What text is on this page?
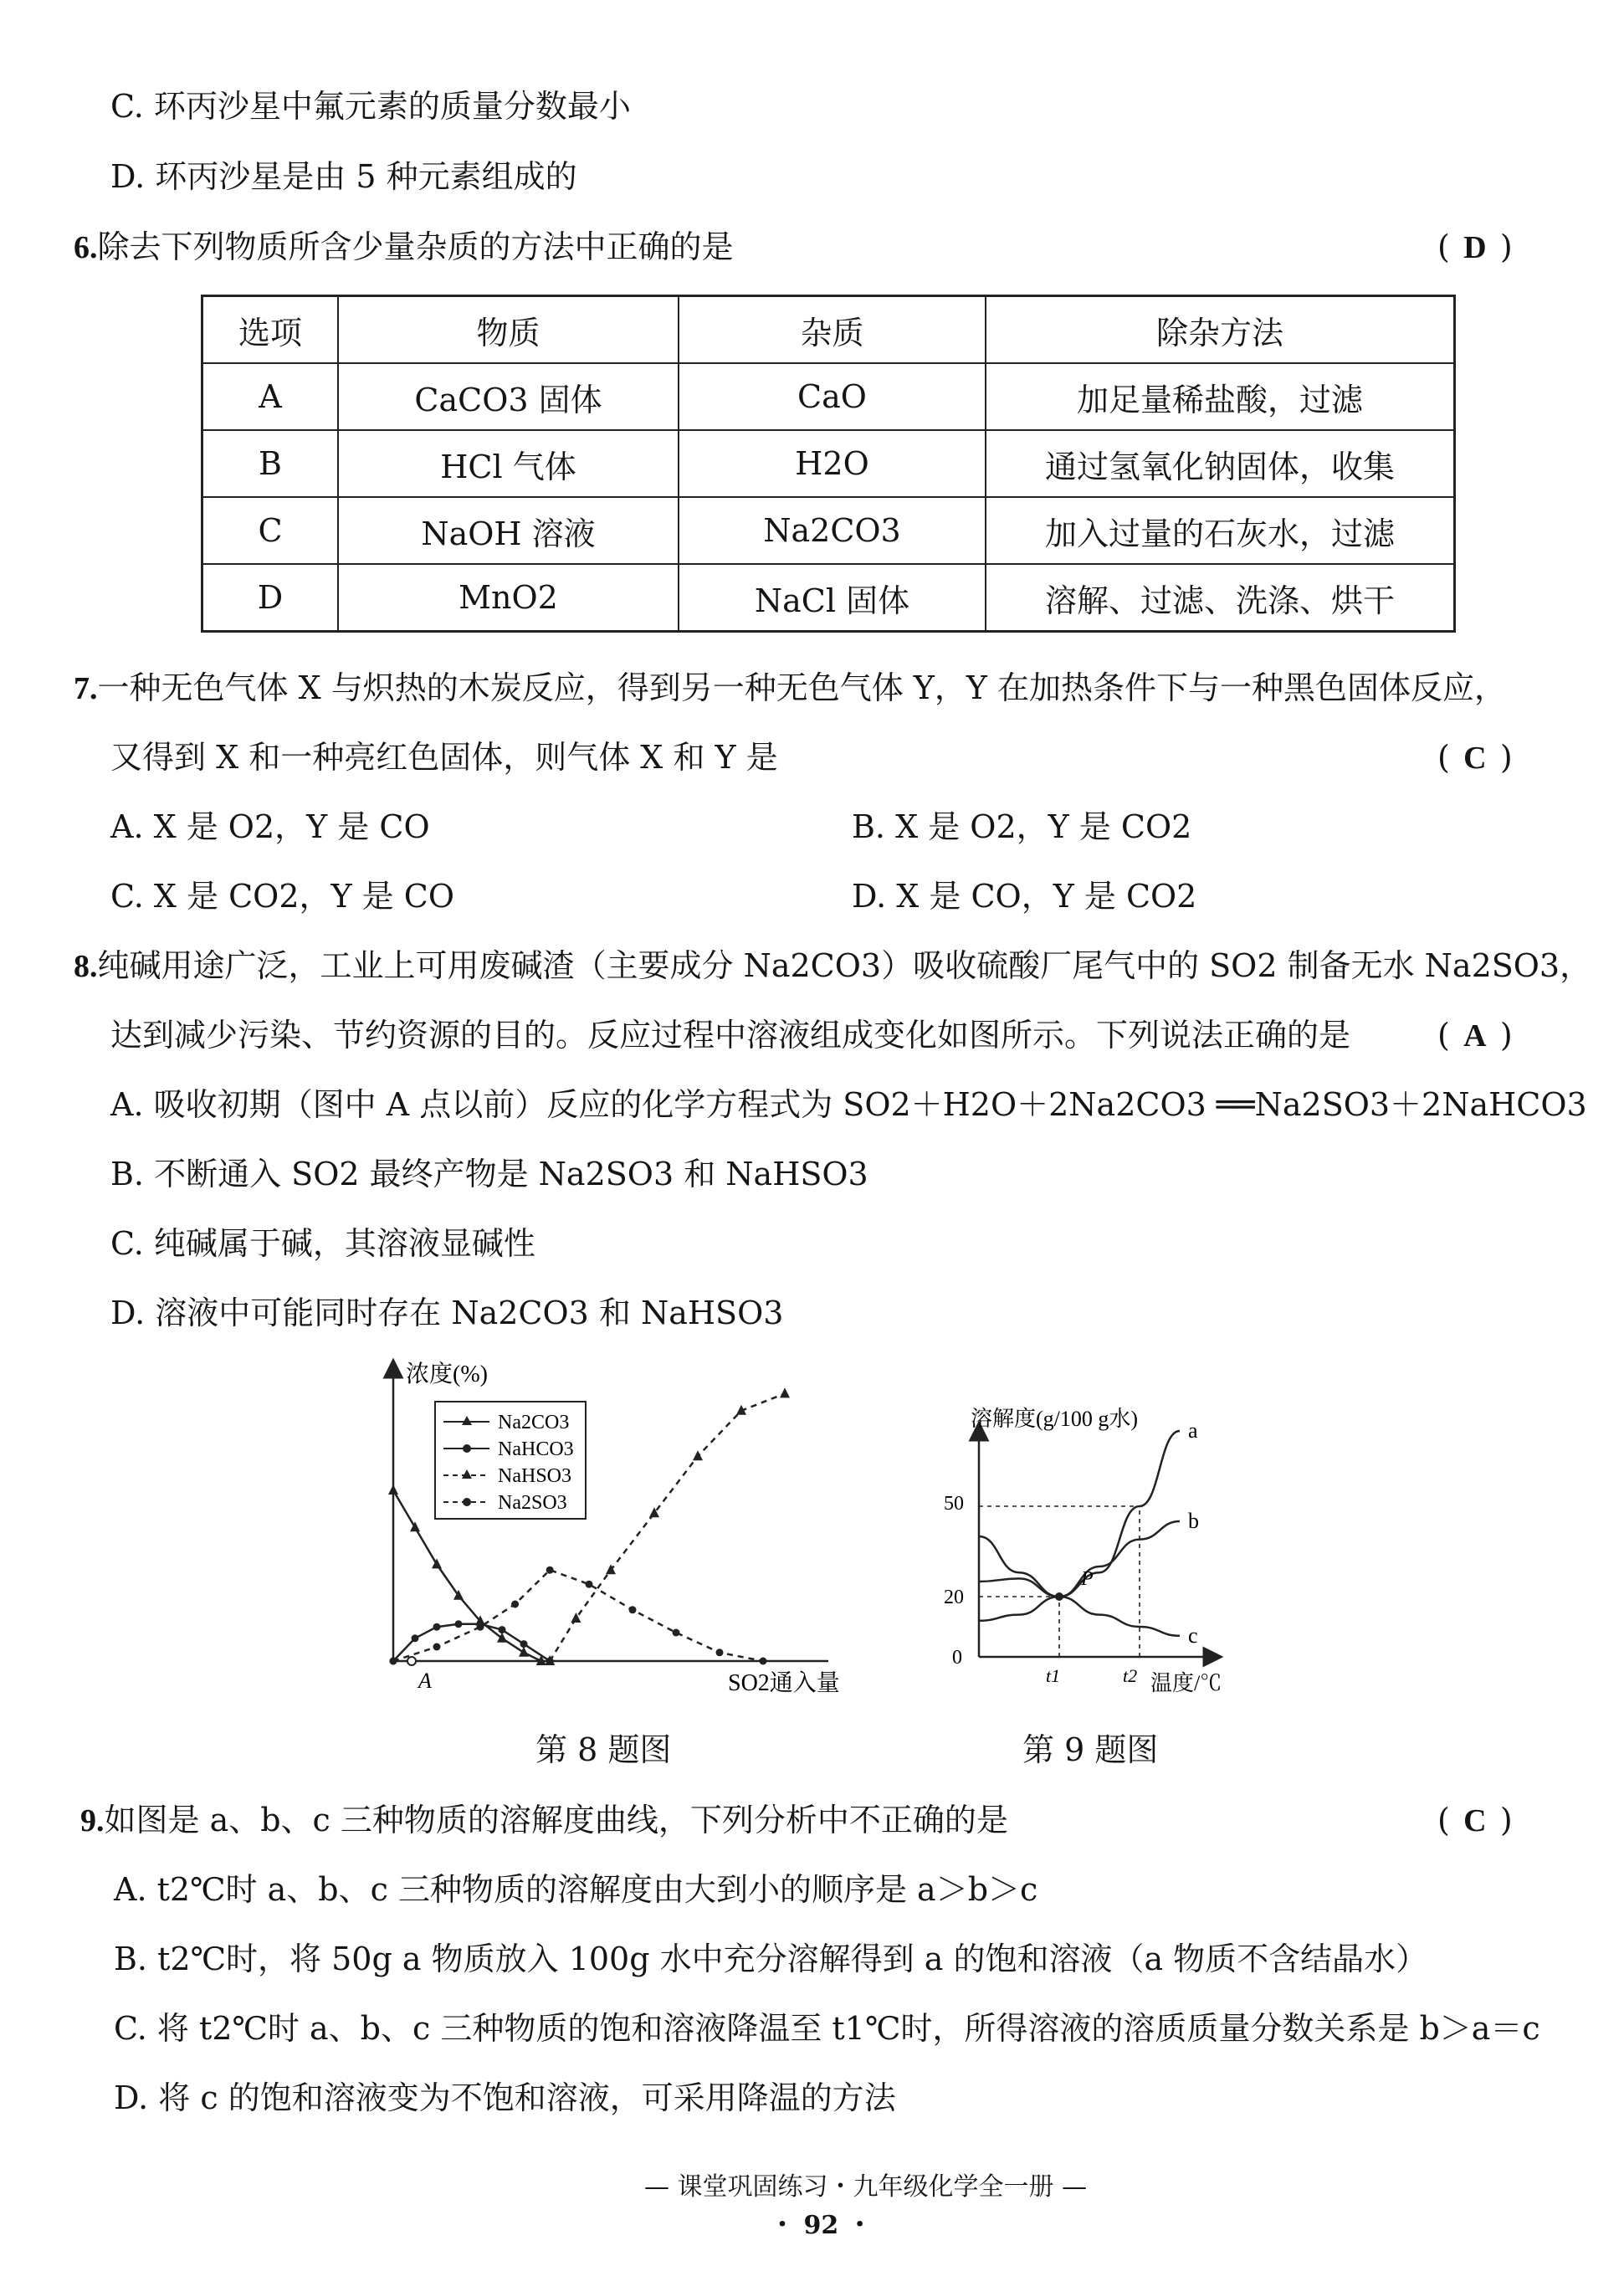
C. 环丙沙星中氟元素的质量分数最小
D. 环丙沙星是由 5 种元素组成的
6.除去下列物质所含少量杂质的方法中正确的是	( D )
选项	物质	杂质	除杂方法
A	CaCO3 固体	CaO	加足量稀盐酸，过滤
B	HCl 气体	H2O	通过氢氧化钠固体，收集
C	NaOH 溶液	Na2CO3	加入过量的石灰水，过滤
D	MnO2	NaCl 固体	溶解、过滤、洗涤、烘干
7.一种无色气体 X 与炽热的木炭反应，得到另一种无色气体 Y，Y 在加热条件下与一种黑色固体反应，
又得到 X 和一种亮红色固体，则气体 X 和 Y 是	( C )
A. X 是 O2，Y 是 CO	B. X 是 O2，Y 是 CO2
C. X 是 CO2，Y 是 CO	D. X 是 CO，Y 是 CO2
8.纯碱用途广泛，工业上可用废碱渣（主要成分 Na2CO3）吸收硫酸厂尾气中的 SO2 制备无水 Na2SO3，
达到减少污染、节约资源的目的。反应过程中溶液组成变化如图所示。下列说法正确的是	( A )
A. 吸收初期（图中 A 点以前）反应的化学方程式为 SO2＋H2O＋2Na2CO3 ══Na2SO3＋2NaHCO3
B. 不断通入 SO2 最终产物是 Na2SO3 和 NaHSO3
C. 纯碱属于碱，其溶液显碱性
D. 溶液中可能同时存在 Na2CO3 和 NaHSO3
浓度(%)
SO2通入量
A
Na2CO3
NaHCO3
NaHSO3
Na2SO3
第 8 题图
溶解度(g/100 g水)
温度/℃
0
20
50
t1	t2
a
b
c
P
第 9 题图
9.如图是 a、b、c 三种物质的溶解度曲线，下列分析中不正确的是	( C )
A. t2℃时 a、b、c 三种物质的溶解度由大到小的顺序是 a＞b＞c
B. t2℃时，将 50g a 物质放入 100g 水中充分溶解得到 a 的饱和溶液（a 物质不含结晶水）
C. 将 t2℃时 a、b、c 三种物质的饱和溶液降温至 t1℃时，所得溶液的溶质质量分数关系是 b＞a＝c
D. 将 c 的饱和溶液变为不饱和溶液，可采用降温的方法
— 课堂巩固练习・九年级化学全一册 —
・ 92 ・
